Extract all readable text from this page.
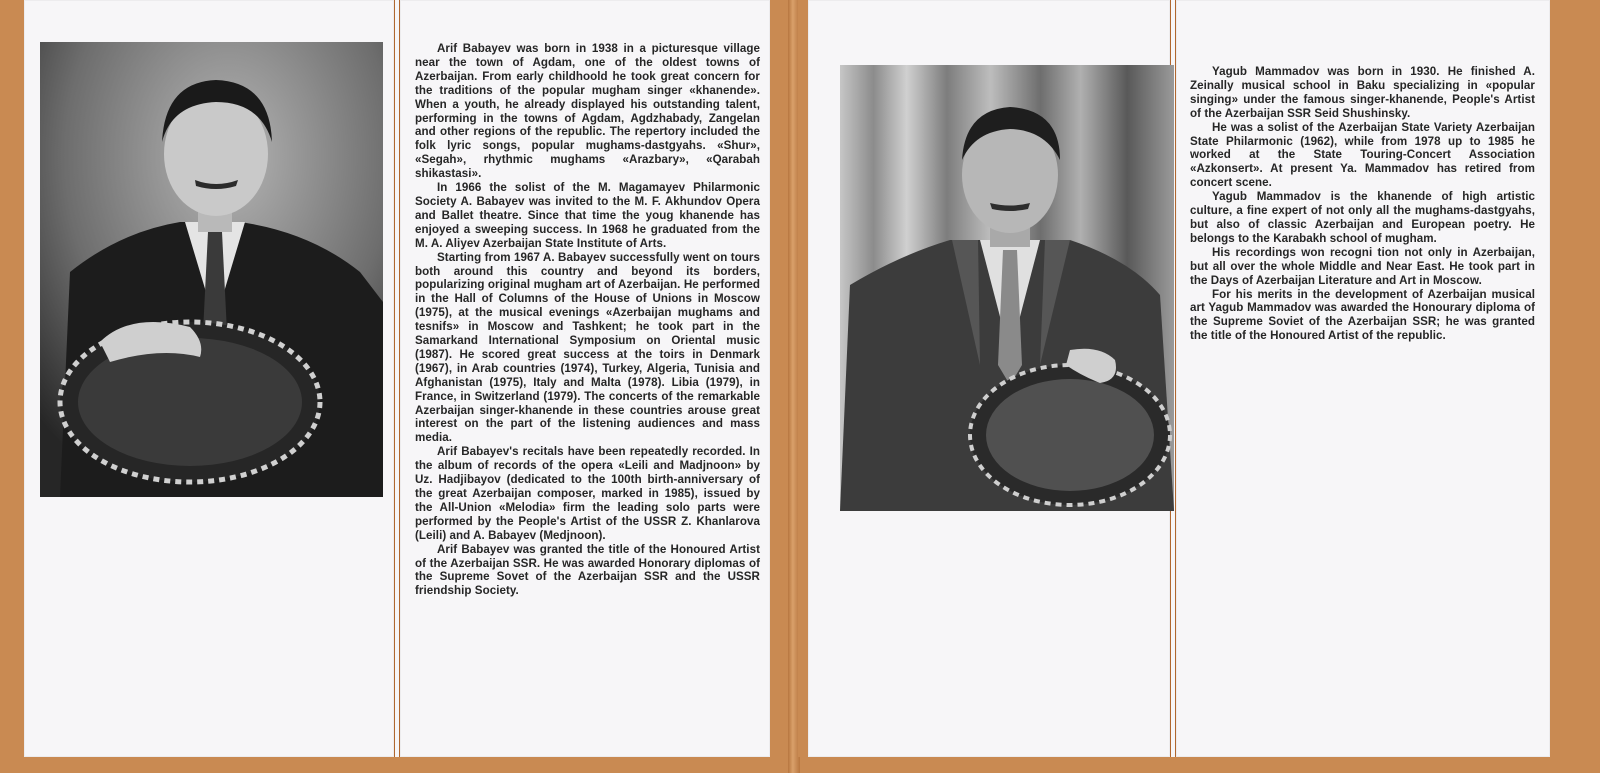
Arif Babayev was born in 1938 in a picturesque village near the town of Agdam, one of the oldest towns of Azerbaijan. From early childhoold he took great concern for the traditions of the popular mugham singer «khanende». When a youth, he already displayed his outstanding talent, performing in the towns of Agdam, Agdzhabady, Zangelan and other regions of the republic. The repertory included the folk lyric songs, popular mughams-dastgyahs. «Shur», «Segah», rhythmic mughams «Arazbary», «Qarabah shikastasi».

In 1966 the solist of the M. Magamayev Philarmonic Society A. Babayev was invited to the M. F. Akhundov Opera and Ballet theatre. Since that time the youg khanende has enjoyed a sweeping success. In 1968 he graduated from the M. A. Aliyev Azerbaijan State Institute of Arts.

Starting from 1967 A. Babayev successfully went on tours both around this country and beyond its borders, popularizing original mugham art of Azerbaijan. He performed in the Hall of Columns of the House of Unions in Moscow (1975), at the musical evenings «Azerbaijan mughams and tesnifs» in Moscow and Tashkent; he took part in the Samarkand International Symposium on Oriental music (1987). He scored great success at the toirs in Denmark (1967), in Arab countries (1974), Turkey, Algeria, Tunisia and Afghanistan (1975), Italy and Malta (1978). Libia (1979), in France, in Switzerland (1979). The concerts of the remarkable Azerbaijan singer-khanende in these countries arouse great interest on the part of the listening audiences and mass media.

Arif Babayev's recitals have been repeatedly recorded. In the album of records of the opera «Leili and Madjnoon» by Uz. Hadjibayov (dedicated to the 100th birth-anniversary of the great Azerbaijan composer, marked in 1985), issued by the All-Union «Melodia» firm the leading solo parts were performed by the People's Artist of the USSR Z. Khanlarova (Leili) and A. Babayev (Medjnoon).

Arif Babayev was granted the title of the Honoured Artist of the Azerbaijan SSR. He was awarded Honorary diplomas of the Supreme Sovet of the Azerbaijan SSR and the USSR friendship Society.

Yagub Mammadov was born in 1930. He finished A. Zeinally musical school in Baku specializing in «popular singing» under the famous singer-khanende, People's Artist of the Azerbaijan SSR Seid Shushinsky.

He was a solist of the Azerbaijan State Variety Azerbaijan State Philarmonic (1962), while from 1978 up to 1985 he worked at the State Touring-Concert Association «Azkonsert». At present Ya. Mammadov has retired from concert scene.

Yagub Mammadov is the khanende of high artistic culture, a fine expert of not only all the mughams-dastgyahs, but also of classic Azerbaijan and European poetry. He belongs to the Karabakh school of mugham.

His recordings won recogni tion not only in Azerbaijan, but all over the whole Middle and Near East. He took part in the Days of Azerbaijan Literature and Art in Moscow.

For his merits in the development of Azerbaijan musical art Yagub Mammadov was awarded the Honourary diploma of the Supreme Soviet of the Azerbaijan SSR; he was granted the title of the Honoured Artist of the republic.
